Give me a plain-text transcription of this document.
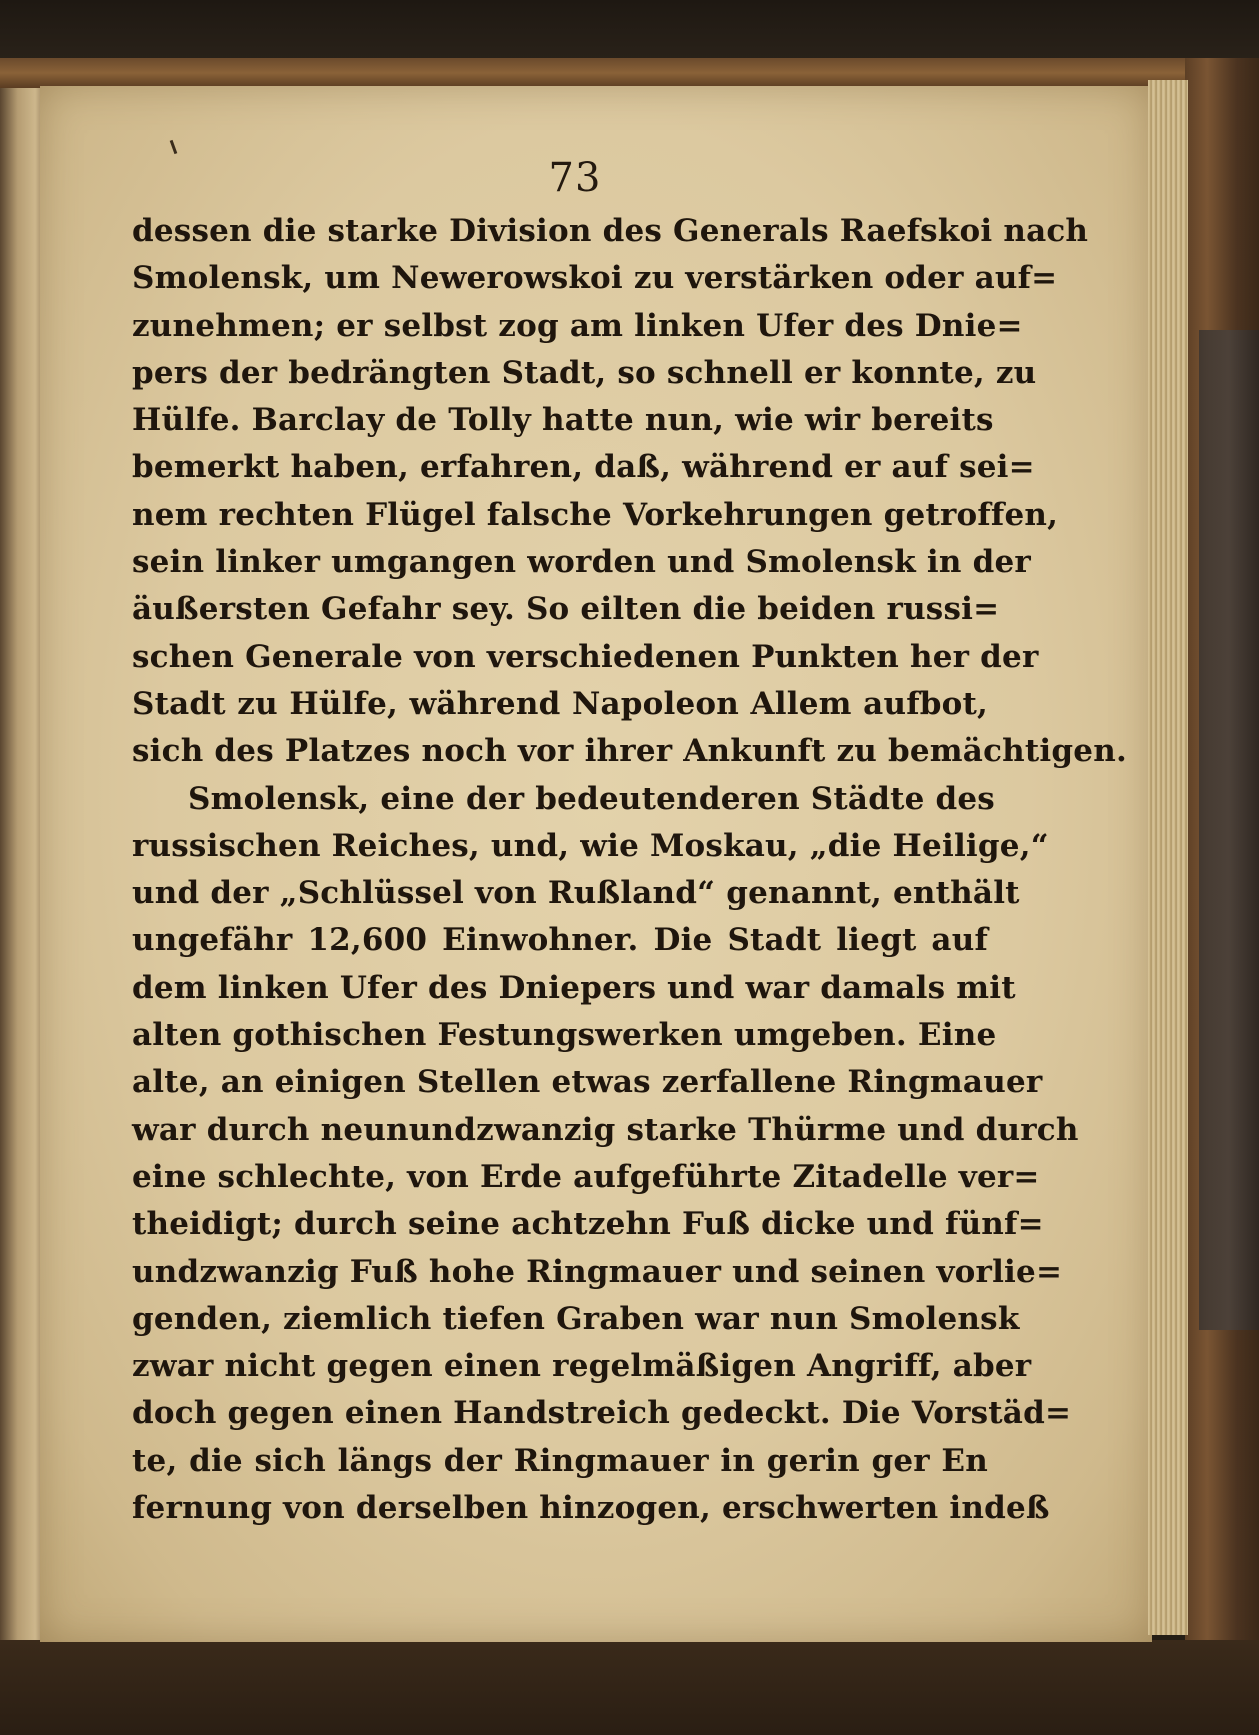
73
dessen die starke Division des Generals Raefskoi nach
Smolensk, um Newerowskoi zu verstärken oder auf=
zunehmen; er selbst zog am linken Ufer des Dnie=
pers der bedrängten Stadt, so schnell er konnte, zu
Hülfe. Barclay de Tolly hatte nun, wie wir bereits
bemerkt haben, erfahren, daß, während er auf sei=
nem rechten Flügel falsche Vorkehrungen getroffen,
sein linker umgangen worden und Smolensk in der
äußersten Gefahr sey. So eilten die beiden russi=
schen Generale von verschiedenen Punkten her der
Stadt zu Hülfe, während Napoleon Allem aufbot,
sich des Platzes noch vor ihrer Ankunft zu bemächtigen.
Smolensk, eine der bedeutenderen Städte des
russischen Reiches, und, wie Moskau, „die Heilige,“
und der „Schlüssel von Rußland“ genannt, enthält
ungefähr 12,600 Einwohner. Die Stadt liegt auf
dem linken Ufer des Dniepers und war damals mit
alten gothischen Festungswerken umgeben. Eine
alte, an einigen Stellen etwas zerfallene Ringmauer
war durch neunundzwanzig starke Thürme und durch
eine schlechte, von Erde aufgeführte Zitadelle ver=
theidigt; durch seine achtzehn Fuß dicke und fünf=
undzwanzig Fuß hohe Ringmauer und seinen vorlie=
genden, ziemlich tiefen Graben war nun Smolensk
zwar nicht gegen einen regelmäßigen Angriff, aber
doch gegen einen Handstreich gedeckt. Die Vorstäd=
te, die sich längs der Ringmauer in gerin ger En
fernung von derselben hinzogen, erschwerten indeß
